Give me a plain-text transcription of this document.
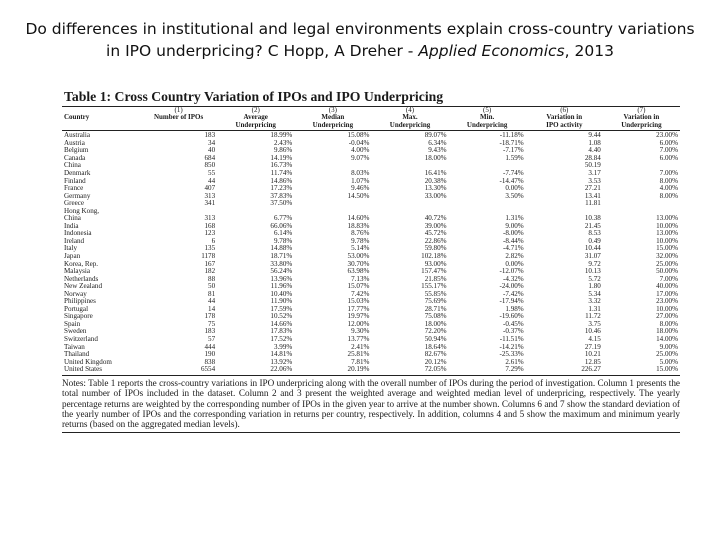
Do differences in institutional and legal environments explain cross-country variations
in IPO underpricing? C Hopp, A Dreher - Applied Economics, 2013
Table 1: Cross Country Variation of IPOs and IPO Underpricing
	(1)	(2)	(3)	(4)	(5)	(6)	(7)
Country	Number of IPOs	Average	Median	Max.	Min.	Variation in	Variation in
		Underpricing	Underpricing	Underpricing	Underpricing	IPO activity	Underpricing
Australia	183	18.99%	15.08%	89.07%	-11.18%	9.44	23.00%
Austria	34	2.43%	-0.04%	6.34%	-18.71%	1.08	6.00%
Belgium	40	9.86%	4.00%	9.43%	-7.17%	4.40	7.00%
Canada	684	14.19%	9.07%	18.00%	1.59%	28.84	6.00%
China	850	16.73%				50.19	
Denmark	55	11.74%	8.03%	16.41%	-7.74%	3.17	7.00%
Finland	44	14.86%	1.07%	20.38%	-14.47%	3.53	8.00%
France	407	17.23%	9.46%	13.30%	0.00%	27.21	4.00%
Germany	313	37.83%	14.50%	33.00%	3.50%	13.41	8.00%
Greece	341	37.50%				11.81	
Hong Kong,							
China	313	6.77%	14.60%	40.72%	1.31%	10.38	13.00%
India	168	66.06%	18.83%	39.00%	9.00%	21.45	10.00%
Indonesia	123	6.14%	8.76%	45.72%	-8.00%	8.53	13.00%
Ireland	6	9.78%	9.78%	22.86%	-8.44%	0.49	10.00%
Italy	135	14.88%	5.14%	59.80%	-4.71%	10.44	15.00%
Japan	1178	18.71%	53.00%	102.18%	2.82%	31.07	32.00%
Korea, Rep.	167	33.80%	30.70%	93.00%	0.00%	9.72	25.00%
Malaysia	182	56.24%	63.98%	157.47%	-12.07%	10.13	50.00%
Netherlands	88	13.96%	7.13%	21.85%	-4.32%	5.72	7.00%
New Zealand	50	11.96%	15.07%	155.17%	-24.00%	1.80	40.00%
Norway	81	10.40%	7.42%	55.85%	-7.42%	5.34	17.00%
Philippines	44	11.90%	15.03%	75.69%	-17.94%	3.32	23.00%
Portugal	14	17.59%	17.77%	28.71%	1.98%	1.31	10.00%
Singapore	178	10.52%	19.97%	75.08%	-19.60%	11.72	27.00%
Spain	75	14.66%	12.00%	18.00%	-0.45%	3.75	8.00%
Sweden	183	17.83%	9.30%	72.20%	-0.37%	10.46	18.00%
Switzerland	57	17.52%	13.77%	50.94%	-11.51%	4.15	14.00%
Taiwan	444	3.99%	2.41%	18.64%	-14.21%	27.19	9.00%
Thailand	190	14.81%	25.81%	82.67%	-25.33%	10.21	25.00%
United Kingdom	838	13.92%	7.81%	20.12%	2.61%	12.85	5.00%
United States	6554	22.06%	20.19%	72.05%	7.29%	226.27	15.00%

Notes: Table 1 reports the cross-country variations in IPO underpricing along with the overall number of IPOs during the period of investigation. Column 1 presents the total number of IPOs included in the dataset. Column 2 and 3 present the weighted average and weighted median level of underpricing, respectively. The yearly percentage returns are weighted by the corresponding number of IPOs in the given year to arrive at the number shown. Columns 6 and 7 show the standard deviation of the yearly number of IPOs and the corresponding variation in returns per country, respectively. In addition, columns 4 and 5 show the maximum and minimum yearly returns (based on the aggregated median levels).
